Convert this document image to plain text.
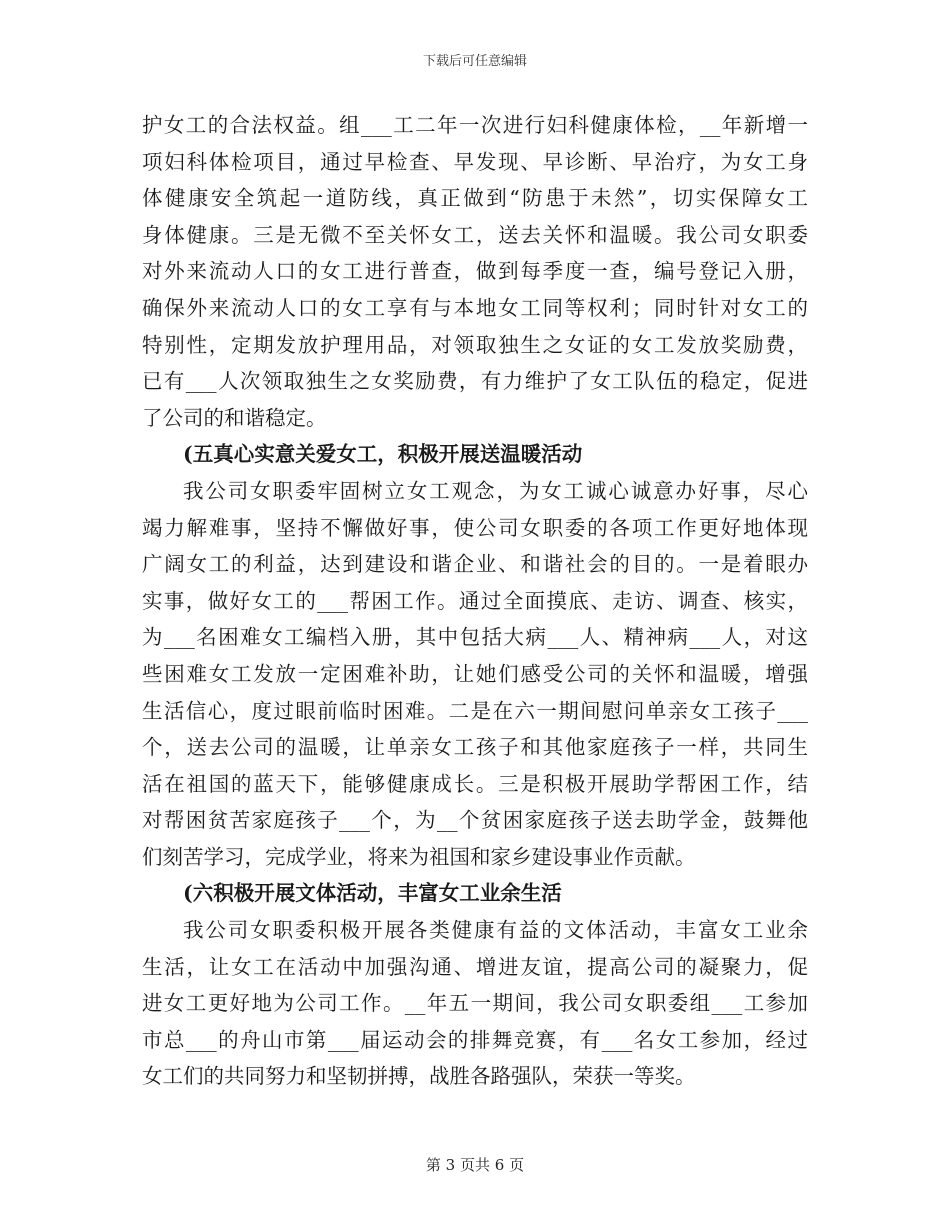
下载后可任意编辑
护女工的合法权益。组___工二年一次进行妇科健康体检，__年新增一
项妇科体检项目，通过早检查、早发现、早诊断、早治疗，为女工身
体健康安全筑起一道防线，真正做到“防患于未然”，切实保障女工
身体健康。三是无微不至关怀女工，送去关怀和温暖。我公司女职委
对外来流动人口的女工进行普查，做到每季度一查，编号登记入册，
确保外来流动人口的女工享有与本地女工同等权利；同时针对女工的
特别性，定期发放护理用品，对领取独生之女证的女工发放奖励费，
已有___人次领取独生之女奖励费，有力维护了女工队伍的稳定，促进
了公司的和谐稳定。
(五真心实意关爱女工，积极开展送温暖活动
我公司女职委牢固树立女工观念，为女工诚心诚意办好事，尽心
竭力解难事，坚持不懈做好事，使公司女职委的各项工作更好地体现
广阔女工的利益，达到建设和谐企业、和谐社会的目的。一是着眼办
实事，做好女工的___帮困工作。通过全面摸底、走访、调查、核实，
为___名困难女工编档入册，其中包括大病___人、精神病___人，对这
些困难女工发放一定困难补助，让她们感受公司的关怀和温暖，增强
生活信心，度过眼前临时困难。二是在六一期间慰问单亲女工孩子___
个，送去公司的温暖，让单亲女工孩子和其他家庭孩子一样，共同生
活在祖国的蓝天下，能够健康成长。三是积极开展助学帮困工作，结
对帮困贫苦家庭孩子___个，为__个贫困家庭孩子送去助学金，鼓舞他
们刻苦学习，完成学业，将来为祖国和家乡建设事业作贡献。
(六积极开展文体活动，丰富女工业余生活
我公司女职委积极开展各类健康有益的文体活动，丰富女工业余
生活，让女工在活动中加强沟通、增进友谊，提高公司的凝聚力，促
进女工更好地为公司工作。__年五一期间，我公司女职委组___工参加
市总___的舟山市第___届运动会的排舞竞赛，有___名女工参加，经过
女工们的共同努力和坚韧拼搏，战胜各路强队，荣获一等奖。
第 3 页共 6 页
